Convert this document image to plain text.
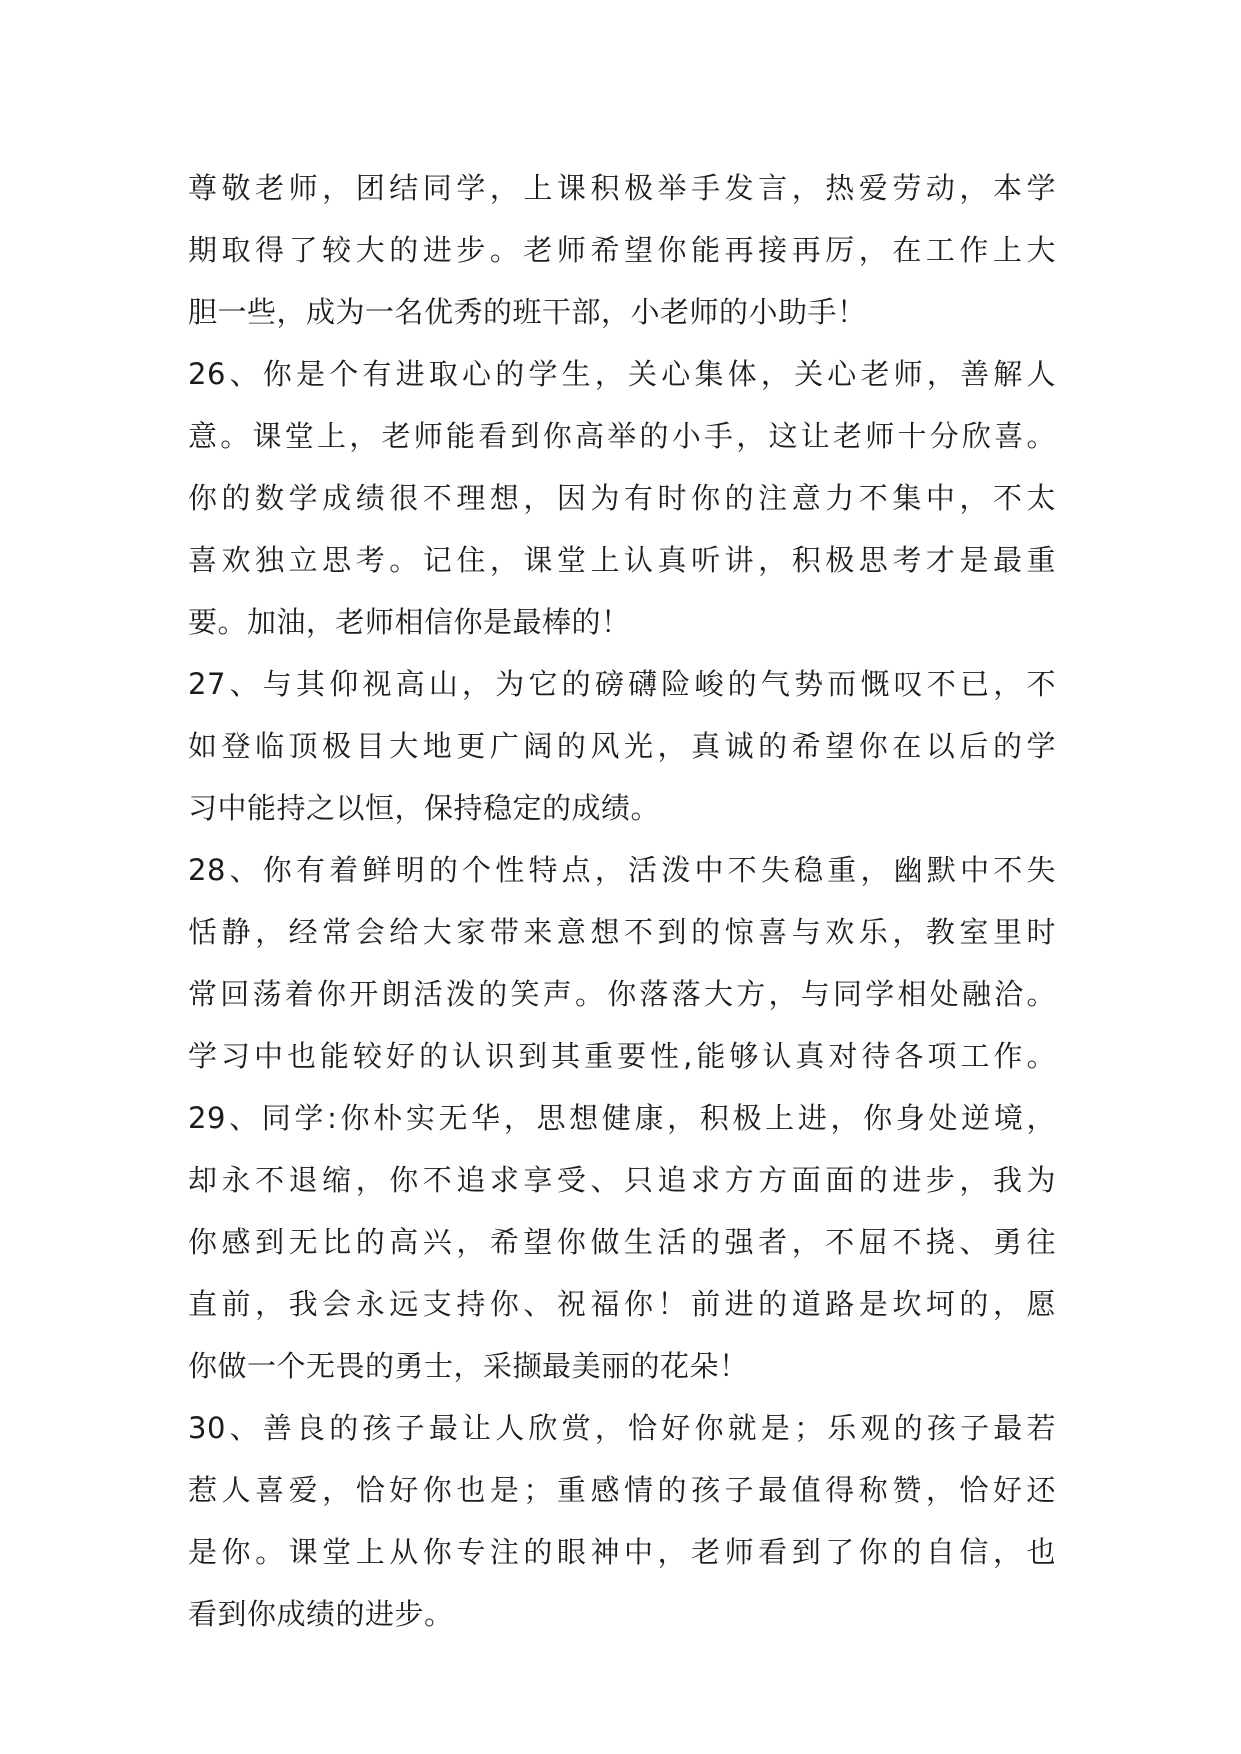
尊敬老师，团结同学，上课积极举手发言，热爱劳动，本学
期取得了较大的进步。老师希望你能再接再厉，在工作上大
胆一些，成为一名优秀的班干部，小老师的小助手！
26、你是个有进取心的学生，关心集体，关心老师，善解人
意。课堂上，老师能看到你高举的小手，这让老师十分欣喜。
你的数学成绩很不理想，因为有时你的注意力不集中，不太
喜欢独立思考。记住，课堂上认真听讲，积极思考才是最重
要。加油，老师相信你是最棒的！
27、与其仰视高山，为它的磅礴险峻的气势而慨叹不已，不
如登临顶极目大地更广阔的风光，真诚的希望你在以后的学
习中能持之以恒，保持稳定的成绩。
28、你有着鲜明的个性特点，活泼中不失稳重，幽默中不失
恬静，经常会给大家带来意想不到的惊喜与欢乐，教室里时
常回荡着你开朗活泼的笑声。你落落大方，与同学相处融洽。
学习中也能较好的认识到其重要性,能够认真对待各项工作。
29、同学:你朴实无华，思想健康，积极上进，你身处逆境，
却永不退缩，你不追求享受、只追求方方面面的进步，我为
你感到无比的高兴，希望你做生活的强者，不屈不挠、勇往
直前，我会永远支持你、祝福你！前进的道路是坎坷的，愿
你做一个无畏的勇士，采撷最美丽的花朵！
30、善良的孩子最让人欣赏，恰好你就是；乐观的孩子最若
惹人喜爱，恰好你也是；重感情的孩子最值得称赞，恰好还
是你。课堂上从你专注的眼神中，老师看到了你的自信，也
看到你成绩的进步。
